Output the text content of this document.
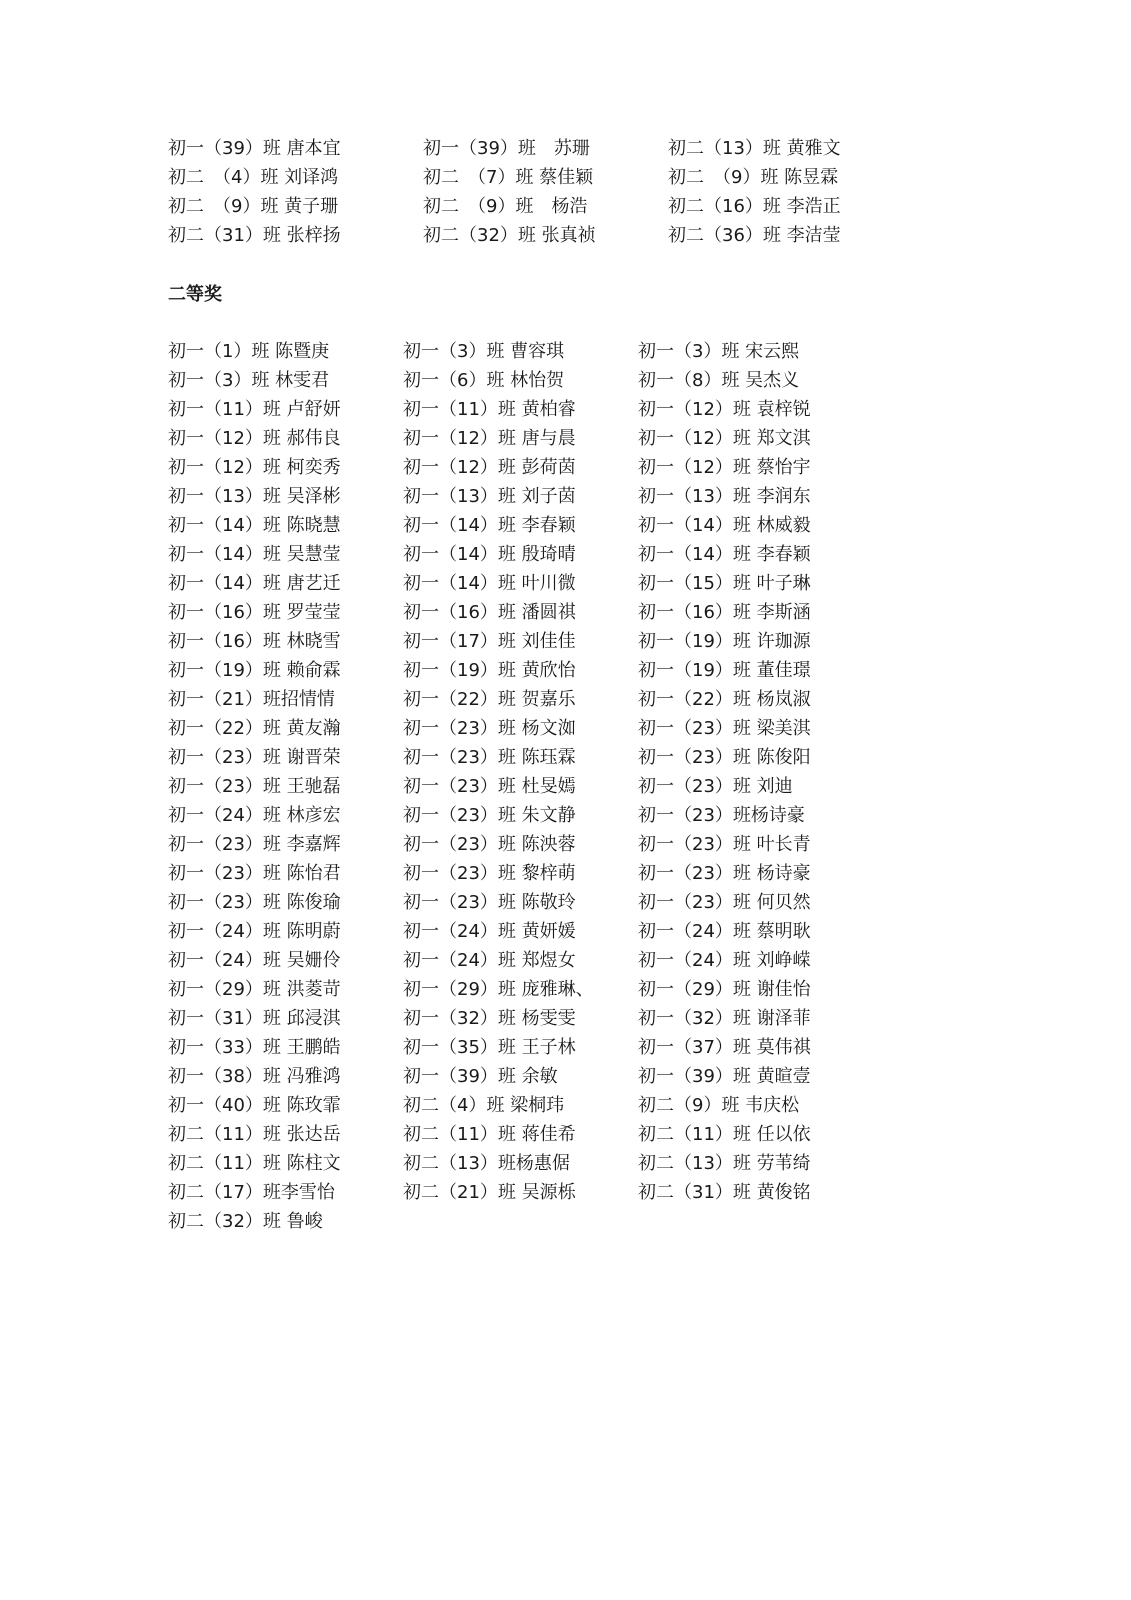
初一（39）班 唐本宜	初一（39）班　苏珊	初二（13）班 黄雅文
初二　（4）班 刘译鸿	初二　（7）班 蔡佳颖	初二　（9）班 陈昱霖
初二　（9）班 黄子珊	初二　（9）班　杨浩	初二（16）班 李浩正
初二（31）班 张梓扬	初二（32）班 张真祯	初二（36）班 李洁莹
二等奖
初一（1）班 陈暨庚	初一（3）班 曹容琪	初一（3）班 宋云熙
初一（3）班 林雯君	初一（6）班 林怡贺	初一（8）班 吴杰义
初一（11）班 卢舒妍	初一（11）班 黄柏睿	初一（12）班 袁梓锐
初一（12）班 郝伟良	初一（12）班 唐与晨	初一（12）班 郑文淇
初一（12）班 柯奕秀	初一（12）班 彭荷茵	初一（12）班 蔡怡宇
初一（13）班 吴泽彬	初一（13）班 刘子茵	初一（13）班 李润东
初一（14）班 陈晓慧	初一（14）班 李春颖	初一（14）班 林威毅
初一（14）班 吴慧莹	初一（14）班 殷琦晴	初一（14）班 李春颖
初一（14）班 唐艺迁	初一（14）班 叶川微	初一（15）班 叶子琳
初一（16）班 罗莹莹	初一（16）班 潘圆祺	初一（16）班 李斯涵
初一（16）班 林晓雪	初一（17）班 刘佳佳	初一（19）班 许珈源
初一（19）班 赖俞霖	初一（19）班 黄欣怡	初一（19）班 董佳璟
初一（21）班招情情	初一（22）班 贺嘉乐	初一（22）班 杨岚淑
初一（22）班 黄友瀚	初一（23）班 杨文洳	初一（23）班 梁美淇
初一（23）班 谢晋荣	初一（23）班 陈珏霖	初一（23）班 陈俊阳
初一（23）班 王驰磊	初一（23）班 杜旻嫣	初一（23）班 刘迪
初一（24）班 林彦宏	初一（23）班 朱文静	初一（23）班杨诗豪
初一（23）班 李嘉辉	初一（23）班 陈泱蓉	初一（23）班 叶长青
初一（23）班 陈怡君	初一（23）班 黎梓萌	初一（23）班 杨诗豪
初一（23）班 陈俊瑜	初一（23）班 陈敬玲	初一（23）班 何贝然
初一（24）班 陈明蔚	初一（24）班 黄妍媛	初一（24）班 蔡明耿
初一（24）班 吴姗伶	初一（24）班 郑煜女	初一（24）班 刘峥嵘
初一（29）班 洪菱苛	初一（29）班 庞雅琳、	初一（29）班 谢佳怡
初一（31）班 邱浸淇	初一（32）班 杨雯雯	初一（32）班 谢泽菲
初一（33）班 王鹏皓	初一（35）班 王子林	初一（37）班 莫伟祺
初一（38）班 冯雅鸿	初一（39）班 余敏	初一（39）班 黄暄壹
初一（40）班 陈玫霏	初二（4）班 梁桐玮	初二（9）班 韦庆松
初二（11）班 张达岳	初二（11）班 蒋佳希	初二（11）班 任以依
初二（11）班 陈柱文	初二（13）班杨惠倨	初二（13）班 劳苇绮
初二（17）班李雪怡	初二（21）班 吴源栎	初二（31）班 黄俊铭
初二（32）班 鲁峻
